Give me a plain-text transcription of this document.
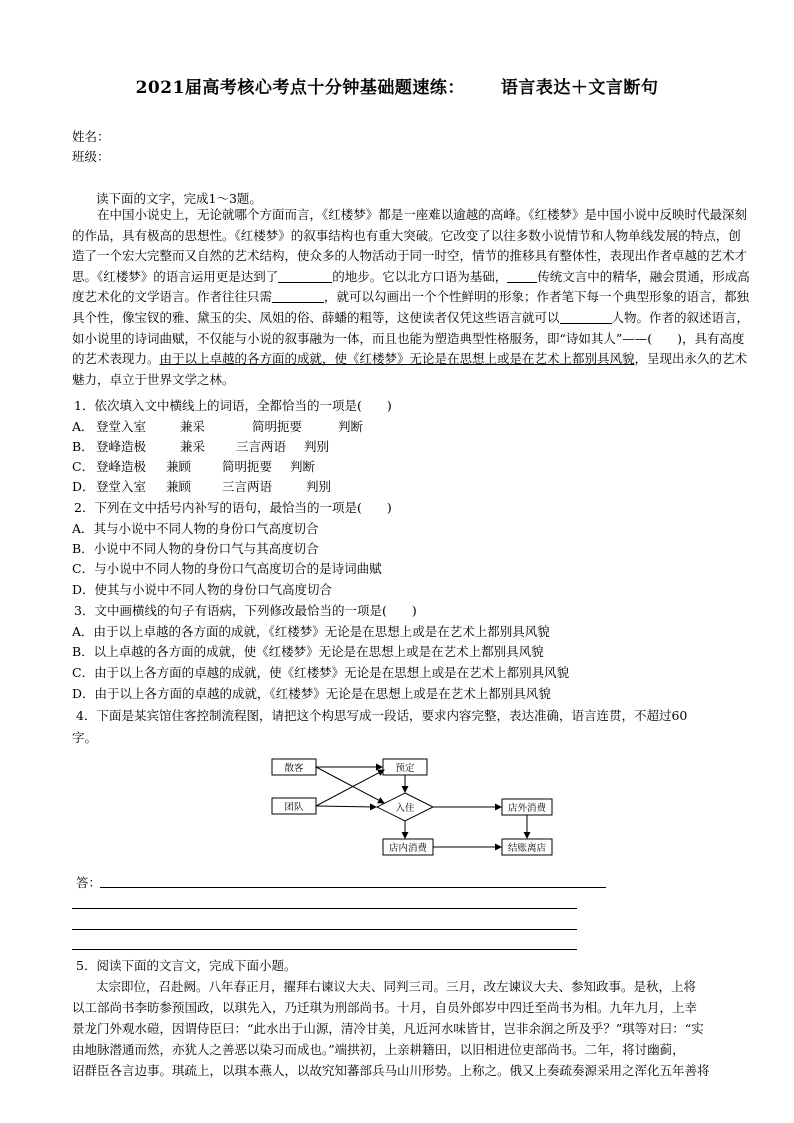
2021届高考核心考点十分钟基础题速练： 语言表达＋文言断句
姓名：
班级：
读下面的文字，完成1～3题。
在中国小说史上，无论就哪个方面而言，《红楼梦》都是一座难以逾越的高峰。《红楼梦》是中国小说中反映时代最深刻的作品，具有极高的思想性。《红楼梦》的叙事结构也有重大突破。它改变了以往多数小说情节和人物单线发展的特点，创造了一个宏大完整而又自然的艺术结构，使众多的人物活动于同一时空，情节的推移具有整体性，表现出作者卓越的艺术才思。《红楼梦》的语言运用更是达到了	的地步。它以北方口语为基础， 传统文言中的精华，融会贯通，形成高度艺术化的文学语言。作者往往只需	，就可以勾画出一个个性鲜明的形象；作者笔下每一个典型形象的语言，都独具个性，像宝钗的雅、黛玉的尖、凤姐的俗、薛蟠的粗等，这使读者仅凭这些语言就可以	人物。作者的叙述语言，如小说里的诗词曲赋，不仅能与小说的叙事融为一体，而且也能为塑造典型性格服务，即“诗如其人”——(　　)，具有高度的艺术表现力。由于以上卓越的各方面的成就，使《红楼梦》无论是在思想上或是在艺术上都别具风貌，呈现出永久的艺术魅力，卓立于世界文学之林。
1．依次填入文中横线上的词语，全都恰当的一项是(　　)
A． 登堂入室	兼采	简明扼要	判断
B． 登峰造极	兼采 三言两语 判别
C． 登峰造极 兼顾 简明扼要 判断
D．登堂入室 兼顾 三言两语	判别
2．下列在文中括号内补写的语句，最恰当的一项是(　　)
A．其与小说中不同人物的身份口气高度切合
B．小说中不同人物的身份口气与其高度切合
C．与小说中不同人物的身份口气高度切合的是诗词曲赋
D．使其与小说中不同人物的身份口气高度切合
3．文中画横线的句子有语病，下列修改最恰当的一项是(　　)
A．由于以上卓越的各方面的成就，《红楼梦》无论是在思想上或是在艺术上都别具风貌
B．以上卓越的各方面的成就，使《红楼梦》无论是在思想上或是在艺术上都别具风貌
C．由于以上各方面的卓越的成就，使《红楼梦》无论是在思想上或是在艺术上都别具风貌
D．由于以上各方面的卓越的成就，《红楼梦》无论是在思想上或是在艺术上都别具风貌
4．下面是某宾馆住客控制流程图，请把这个构思写成一段话，要求内容完整，表达准确，语言连贯，不超过60
字。
散客
团队
预定
入住	店外消费
店内消费	结账离店
答：
5．阅读下面的文言文，完成下面小题。
太宗即位，召赴阙。八年春正月，擢拜右谏议大夫、同判三司。三月，改左谏议大夫、参知政事。是秋，上将
以工部尚书李昉参预国政，以琪先入，乃迁琪为刑部尚书。十月，自员外郎岁中四迁至尚书为相。九年九月，上幸
景龙门外观水磑，因谓侍臣曰：“此水出于山源，清冷甘美，凡近河水味皆甘，岂非余润之所及乎？”琪等对曰：“实
由地脉潜通而然，亦犹人之善恶以染习而成也。”端拱初，上亲耕籍田，以旧相进位吏部尚书。二年，将讨幽蓟，
诏群臣各言边事。琪疏上，以琪本燕人，以故究知蕃部兵马山川形势。上称之。俄又上奏疏奏源采用之浑化五年善将
